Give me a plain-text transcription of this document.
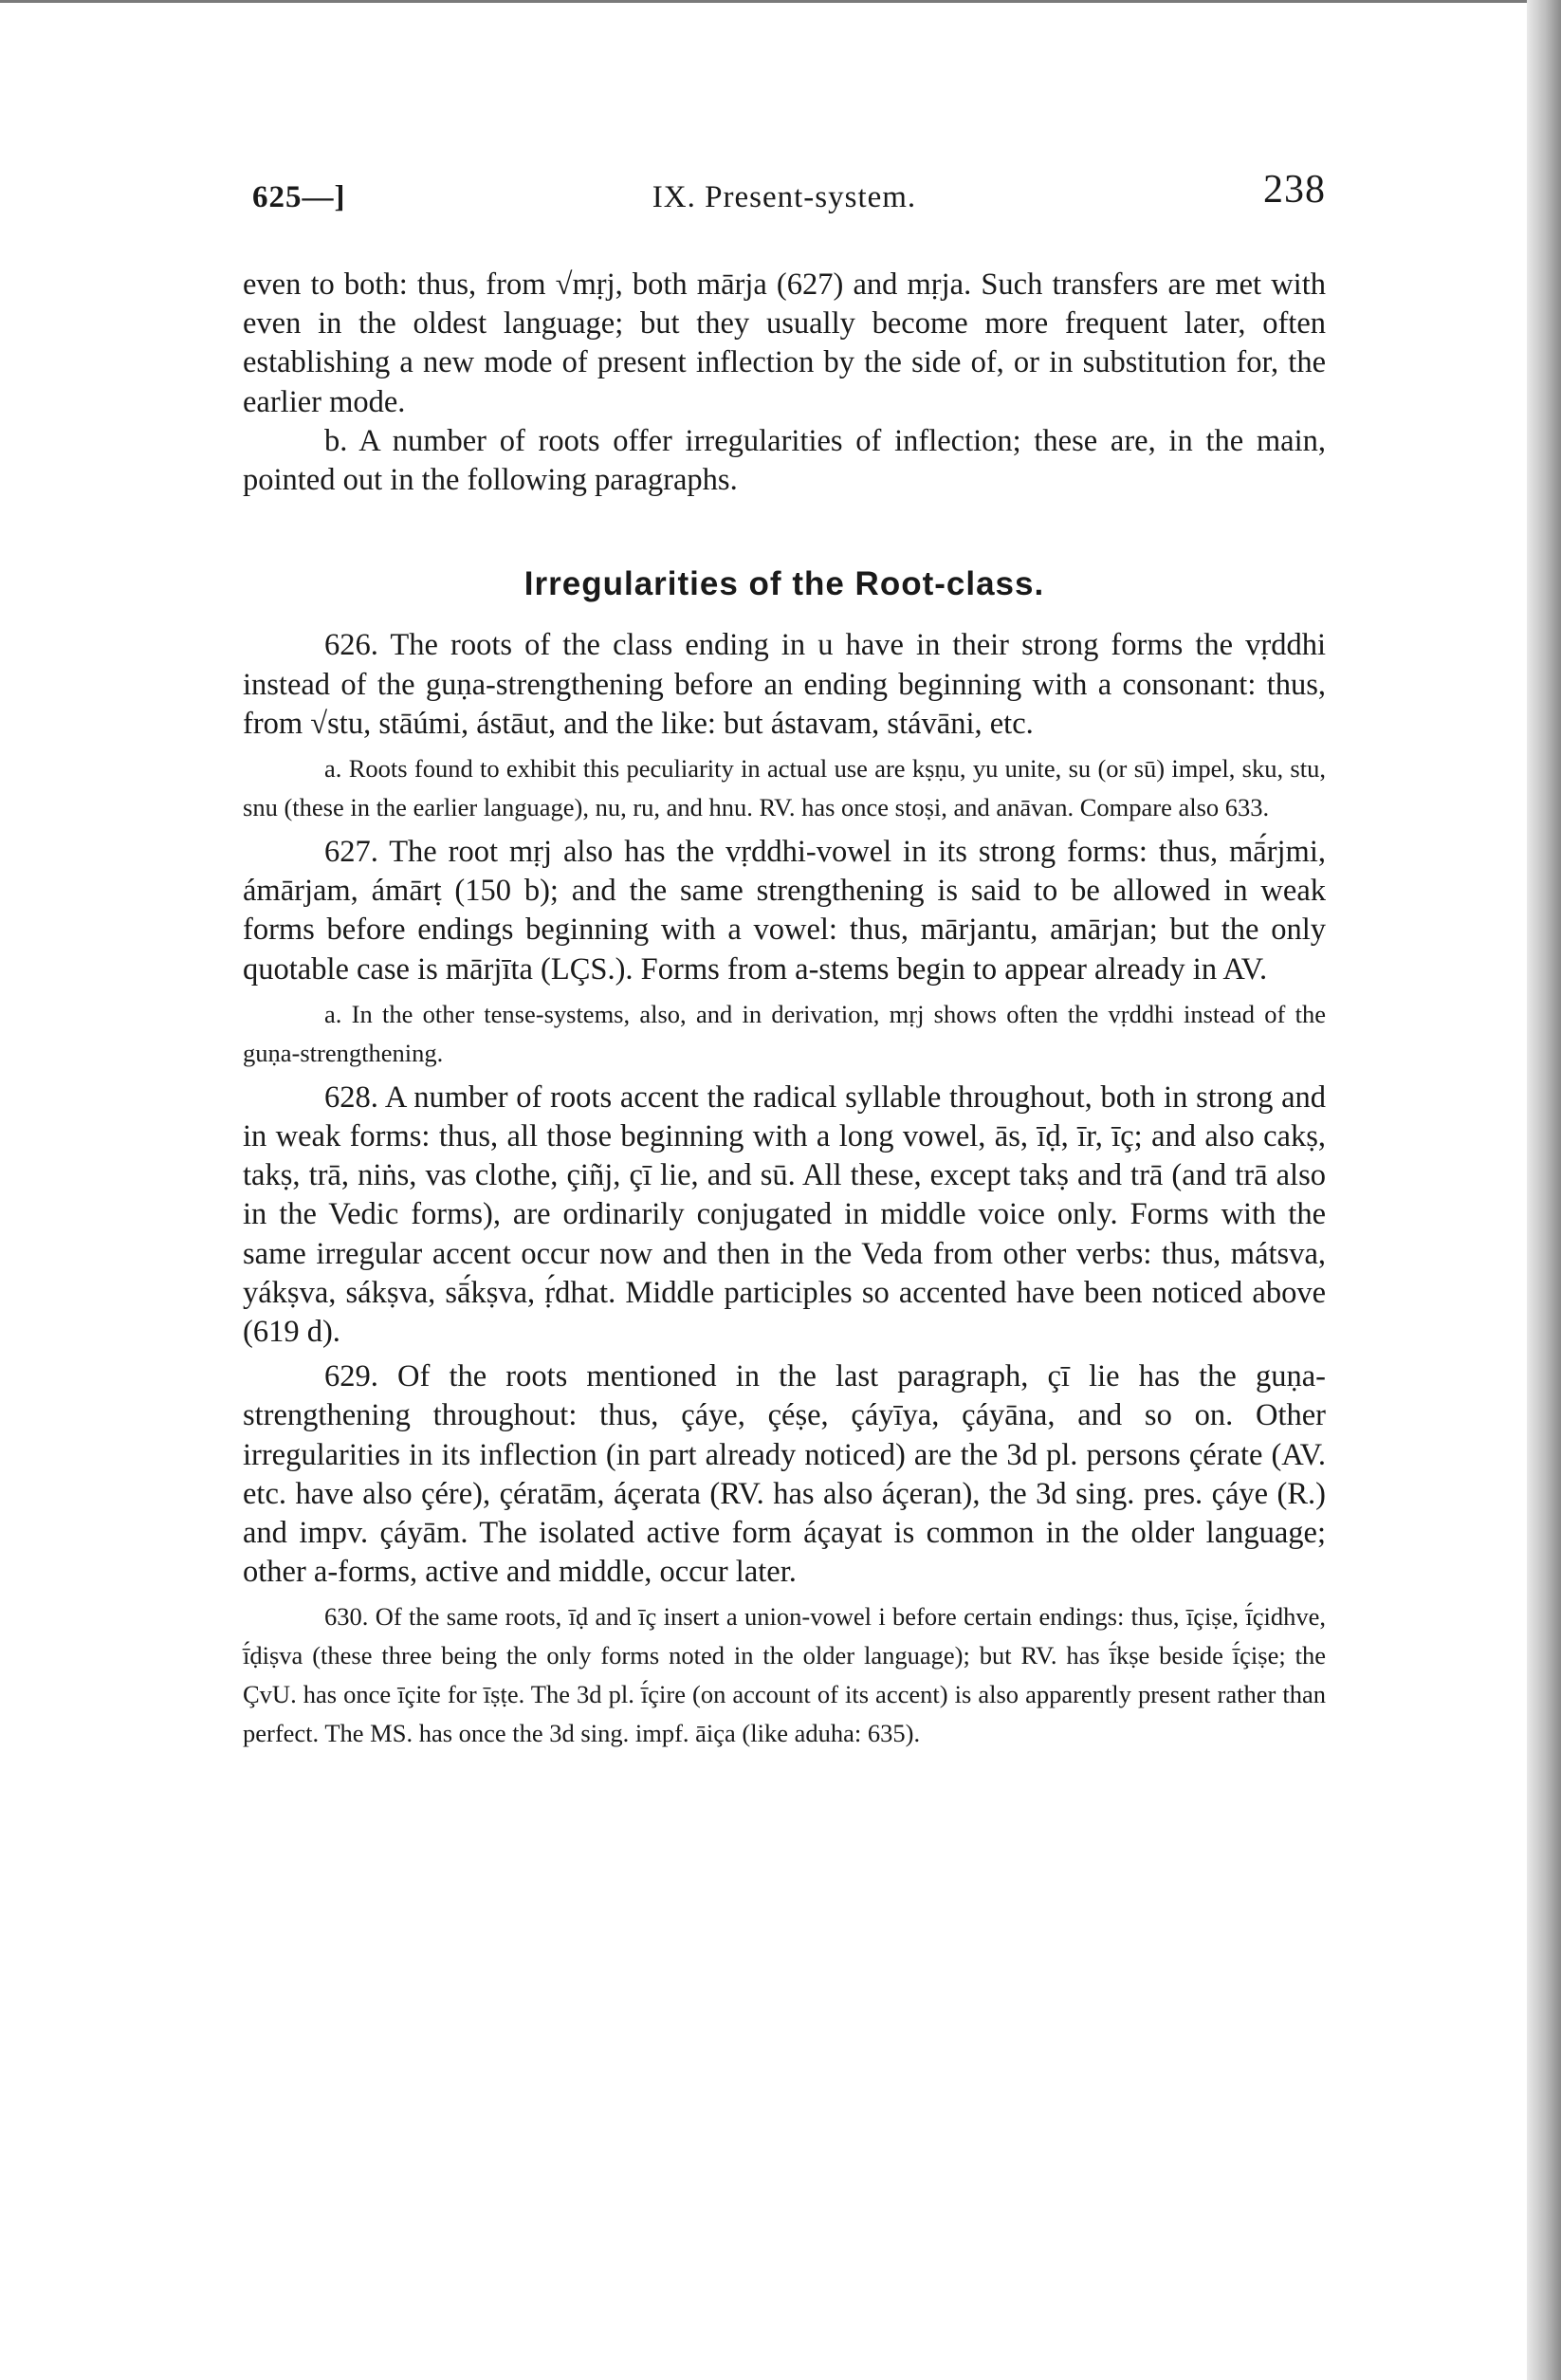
625—]	IX. Present-system.	238

even to both: thus, from √mṛj, both mārja (627) and mṛja. Such transfers are met with even in the oldest language; but they usually become more frequent later, often establishing a new mode of present inflection by the side of, or in substitution for, the earlier mode.

b. A number of roots offer irregularities of inflection; these are, in the main, pointed out in the following paragraphs.

Irregularities of the Root-class.

626. The roots of the class ending in u have in their strong forms the vṛddhi instead of the guṇa-strengthening before an ending beginning with a consonant: thus, from √stu, stāúmi, ástāut, and the like: but ástavam, stávāni, etc.

a. Roots found to exhibit this peculiarity in actual use are kṣṇu, yu unite, su (or sū) impel, sku, stu, snu (these in the earlier language), nu, ru, and hnu. RV. has once stoṣi, and anāvan. Compare also 633.

627. The root mṛj also has the vṛddhi-vowel in its strong forms: thus, mā́rjmi, ámārjam, ámārṭ (150 b); and the same strengthening is said to be allowed in weak forms before endings beginning with a vowel: thus, mārjantu, amārjan; but the only quotable case is mārjīta (LÇS.). Forms from a-stems begin to appear already in AV.

a. In the other tense-systems, also, and in derivation, mṛj shows often the vṛddhi instead of the guṇa-strengthening.

628. A number of roots accent the radical syllable throughout, both in strong and in weak forms: thus, all those beginning with a long vowel, ās, īḍ, īr, īç; and also cakṣ, takṣ, trā, niṅs, vas clothe, çiñj, çī lie, and sū. All these, except takṣ and trā (and trā also in the Vedic forms), are ordinarily conjugated in middle voice only. Forms with the same irregular accent occur now and then in the Veda from other verbs: thus, mátsva, yákṣva, sákṣva, sā́kṣva, ṛ́dhat. Middle participles so accented have been noticed above (619 d).

629. Of the roots mentioned in the last paragraph, çī lie has the guṇa-strengthening throughout: thus, çáye, çéṣe, çáyīya, çáyāna, and so on. Other irregularities in its inflection (in part already noticed) are the 3d pl. persons çérate (AV. etc. have also çére), çératām, áçerata (RV. has also áçeran), the 3d sing. pres. çáye (R.) and impv. çáyām. The isolated active form áçayat is common in the older language; other a-forms, active and middle, occur later.

630. Of the same roots, īḍ and īç insert a union-vowel i before certain endings: thus, īçiṣe, ī́çidhve, ī́ḍiṣva (these three being the only forms noted in the older language); but RV. has ī́kṣe beside ī́çiṣe; the ÇvU. has once īçite for īṣṭe. The 3d pl. ī́çire (on account of its accent) is also apparently present rather than perfect. The MS. has once the 3d sing. impf. āiça (like aduha: 635).
